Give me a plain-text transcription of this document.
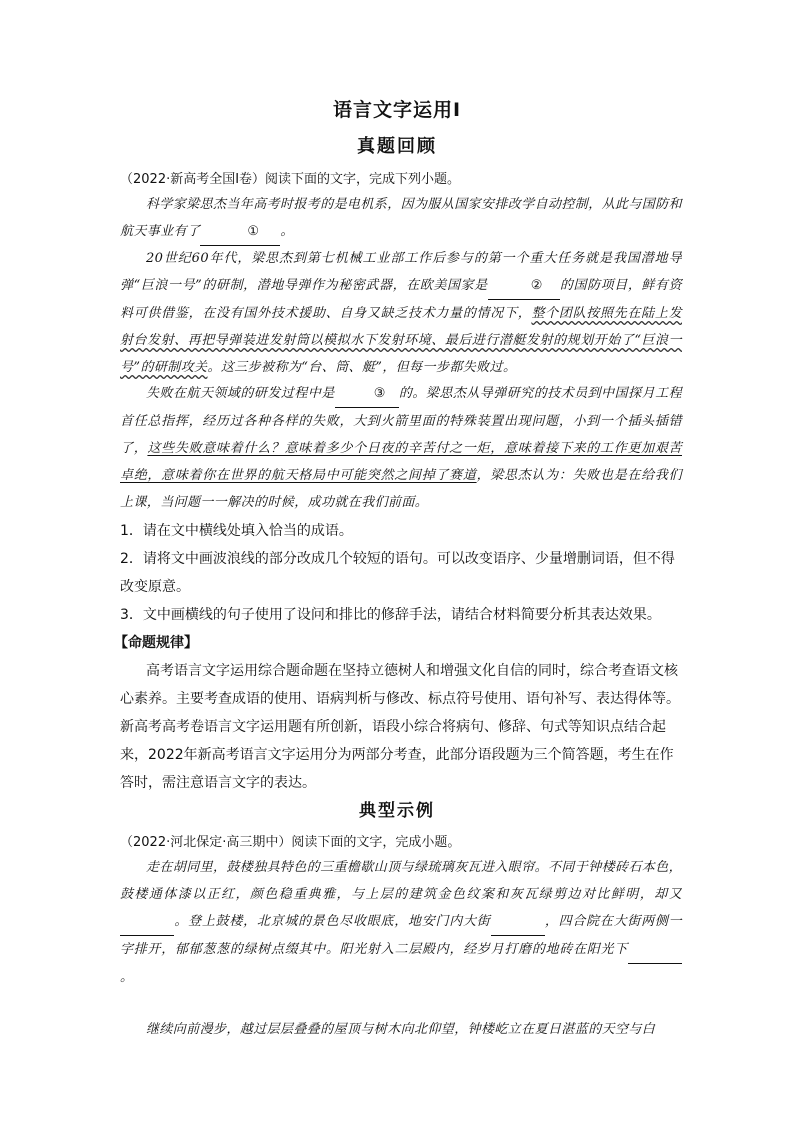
语言文字运用Ⅰ
真题回顾
（2022·新高考全国Ⅰ卷）阅读下面的文字，完成下列小题。
科学家梁思杰当年高考时报考的是电机系，因为服从国家安排改学自动控制，从此与国防和航天事业有了	① 。
20世纪60年代，梁思杰到第七机械工业部工作后参与的第一个重大任务就是我国潜地导弹“巨浪一号”的研制，潜地导弹作为秘密武器，在欧美国家是	② 的国防项目，鲜有资料可供借鉴，在没有国外技术援助、自身又缺乏技术力量的情况下，整个团队按照先在陆上发射台发射、再把导弹装进发射筒以模拟水下发射环境、最后进行潜艇发射的规划开始了“巨浪一号”的研制攻关。这三步被称为“台、筒、艇”，但每一步都失败过。
失败在航天领域的研发过程中是	③ 的。梁思杰从导弹研究的技术员到中国探月工程首任总指挥，经历过各种各样的失败，大到火箭里面的特殊装置出现问题，小到一个插头插错了，这些失败意味着什么？意味着多少个日夜的辛苦付之一炬，意味着接下来的工作更加艰苦卓绝，意味着你在世界的航天格局中可能突然之间掉了赛道，梁思杰认为：失败也是在给我们上课，当问题一一解决的时候，成功就在我们前面。
1．请在文中横线处填入恰当的成语。
2．请将文中画波浪线的部分改成几个较短的语句。可以改变语序、少量增删词语，但不得改变原意。
3．文中画横线的句子使用了设问和排比的修辞手法，请结合材料简要分析其表达效果。
【命题规律】
高考语言文字运用综合题命题在坚持立德树人和增强文化自信的同时，综合考查语文核心素养。主要考查成语的使用、语病判析与修改、标点符号使用、语句补写、表达得体等。新高考高考卷语言文字运用题有所创新，语段小综合将病句、修辞、句式等知识点结合起来，2022年新高考语言文字运用分为两部分考查，此部分语段题为三个简答题，考生在作答时，需注意语言文字的表达。
典型示例
（2022·河北保定·高三期中）阅读下面的文字，完成小题。
走在胡同里，鼓楼独具特色的三重檐歇山顶与绿琉璃灰瓦进入眼帘。不同于钟楼砖石本色，鼓楼通体漆以正红，颜色稳重典雅，与上层的建筑金色纹案和灰瓦绿剪边对比鲜明，却又 。登上鼓楼，北京城的景色尽收眼底，地安门内大街	，四合院在大街两侧一字排开，郁郁葱葱的绿树点缀其中。阳光射入二层殿内，经岁月打磨的地砖在阳光下 。
继续向前漫步，越过层层叠叠的屋顶与树木向北仰望，钟楼屹立在夏日湛蓝的天空与白
